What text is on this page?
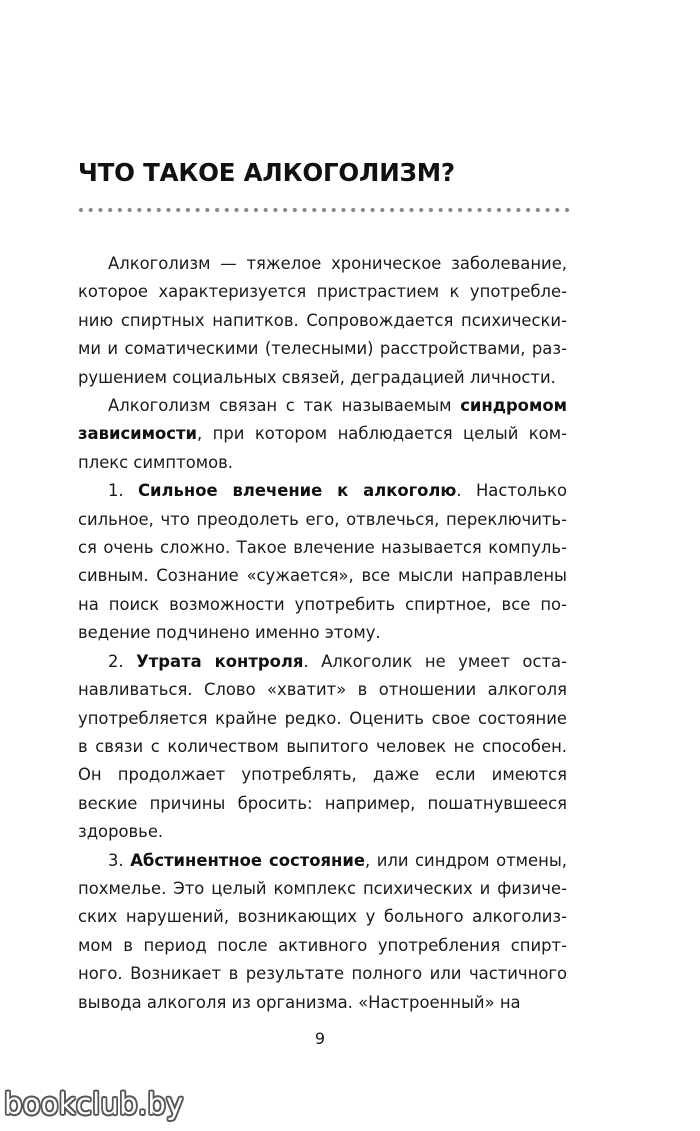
ЧТО ТАКОЕ АЛКОГОЛИЗМ?

Алкоголизм — тяжелое хроническое заболевание, которое характеризуется пристрастием к употреблению спиртных напитков. Сопровождается психическими и соматическими (телесными) расстройствами, разрушением социальных связей, деградацией личности.

Алкоголизм связан с так называемым синдромом зависимости, при котором наблюдается целый комплекс симптомов.

1. Сильное влечение к алкоголю. Настолько сильное, что преодолеть его, отвлечься, переключиться очень сложно. Такое влечение называется компульсивным. Сознание «сужается», все мысли направлены на поиск возможности употребить спиртное, все поведение подчинено именно этому.

2. Утрата контроля. Алкоголик не умеет останавливаться. Слово «хватит» в отношении алкоголя употребляется крайне редко. Оценить свое состояние в связи с количеством выпитого человек не способен. Он продолжает употреблять, даже если имеются веские причины бросить: например, пошатнувшееся здоровье.

3. Абстинентное состояние, или синдром отмены, похмелье. Это целый комплекс психических и физических нарушений, возникающих у больного алкоголизмом в период после активного употребления спиртного. Возникает в результате полного или частичного вывода алкоголя из организма. «Настроенный» на

9
bookclub.by
